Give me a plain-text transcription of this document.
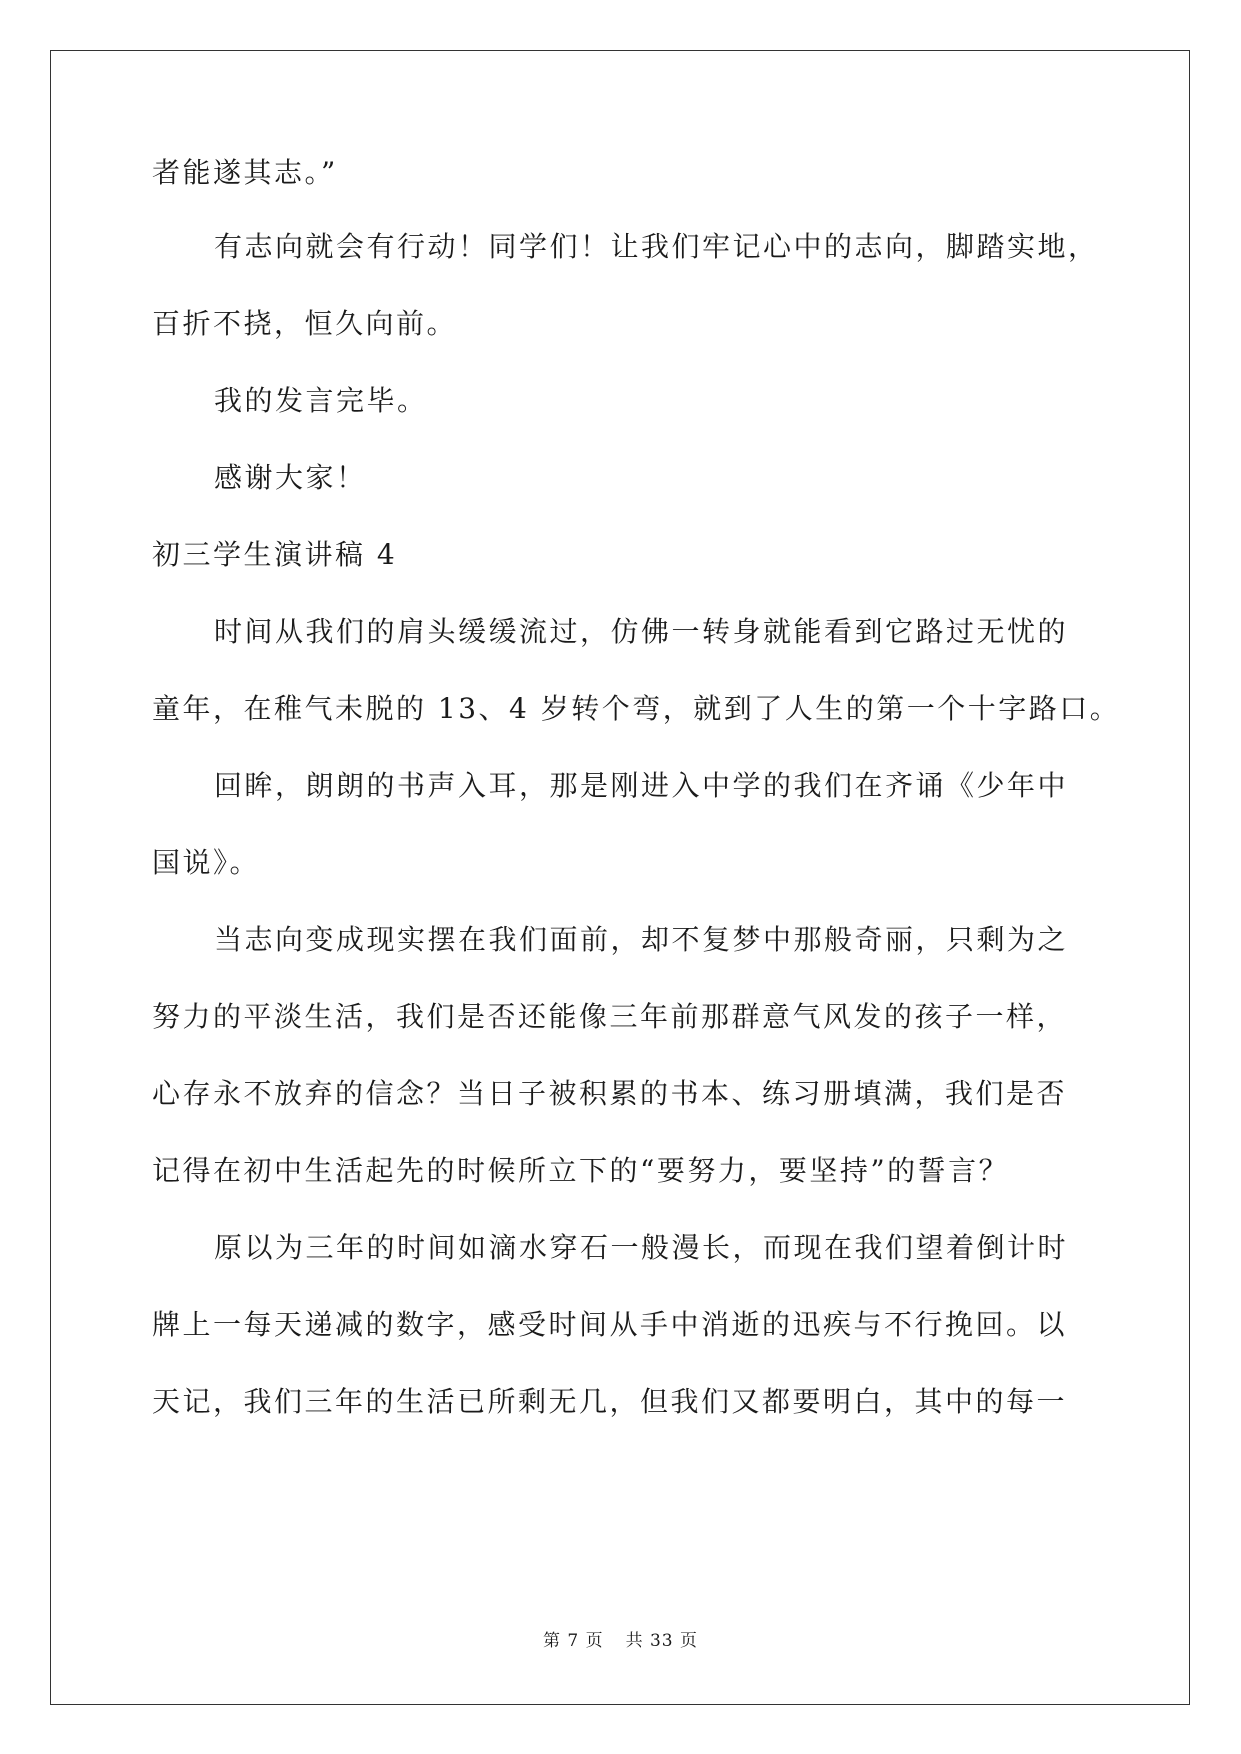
者能遂其志。”
有志向就会有行动！同学们！让我们牢记心中的志向，脚踏实地，
百折不挠，恒久向前。
我的发言完毕。
感谢大家！
初三学生演讲稿 4
时间从我们的肩头缓缓流过，仿佛一转身就能看到它路过无忧的
童年，在稚气未脱的 13、4 岁转个弯，就到了人生的第一个十字路口。
回眸，朗朗的书声入耳，那是刚进入中学的我们在齐诵《少年中
国说》。
当志向变成现实摆在我们面前，却不复梦中那般奇丽，只剩为之
努力的平淡生活，我们是否还能像三年前那群意气风发的孩子一样，
心存永不放弃的信念？当日子被积累的书本、练习册填满，我们是否
记得在初中生活起先的时候所立下的“要努力，要坚持”的誓言？
原以为三年的时间如滴水穿石一般漫长，而现在我们望着倒计时
牌上一每天递减的数字，感受时间从手中消逝的迅疾与不行挽回。以
天记，我们三年的生活已所剩无几，但我们又都要明白，其中的每一
第 7 页 共 33 页
